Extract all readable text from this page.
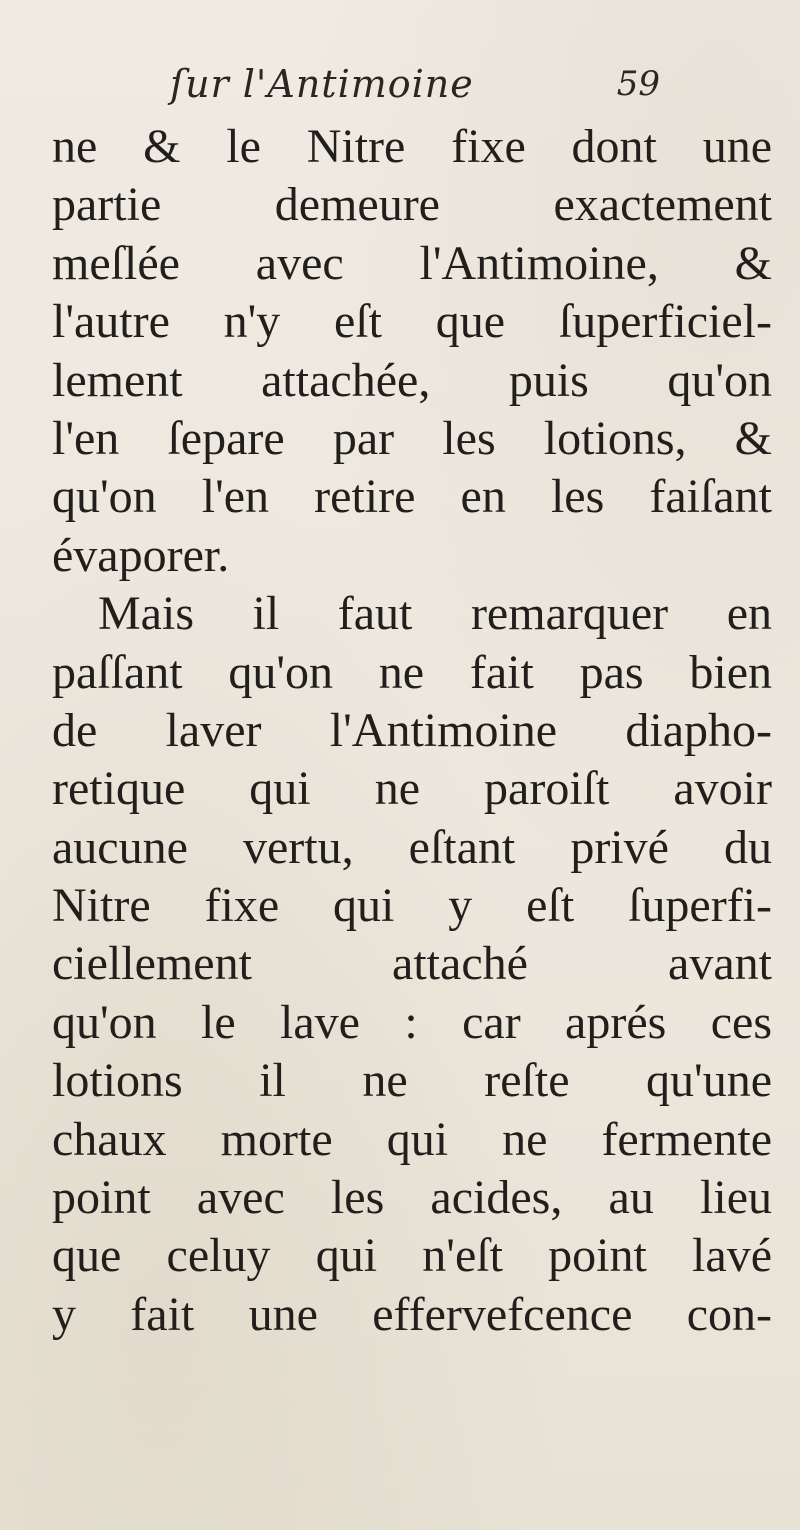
ſur l'Antimoine	59
ne & le Nitre fixe dont une
partie demeure exactement
meſlée avec l'Antimoine, &
l'autre n'y eſt que ſuperficiel-
lement attachée, puis qu'on
l'en ſepare par les lotions, &
qu'on l'en retire en les faiſant
évaporer.
Mais il faut remarquer en
paſſant qu'on ne fait pas bien
de laver l'Antimoine diapho-
retique qui ne paroiſt avoir
aucune vertu, eſtant privé du
Nitre fixe qui y eſt ſuperfi-
ciellement attaché avant
qu'on le lave : car aprés ces
lotions il ne reſte qu'une
chaux morte qui ne fermente
point avec les acides, au lieu
que celuy qui n'eſt point lavé
y fait une effervefcence con-
